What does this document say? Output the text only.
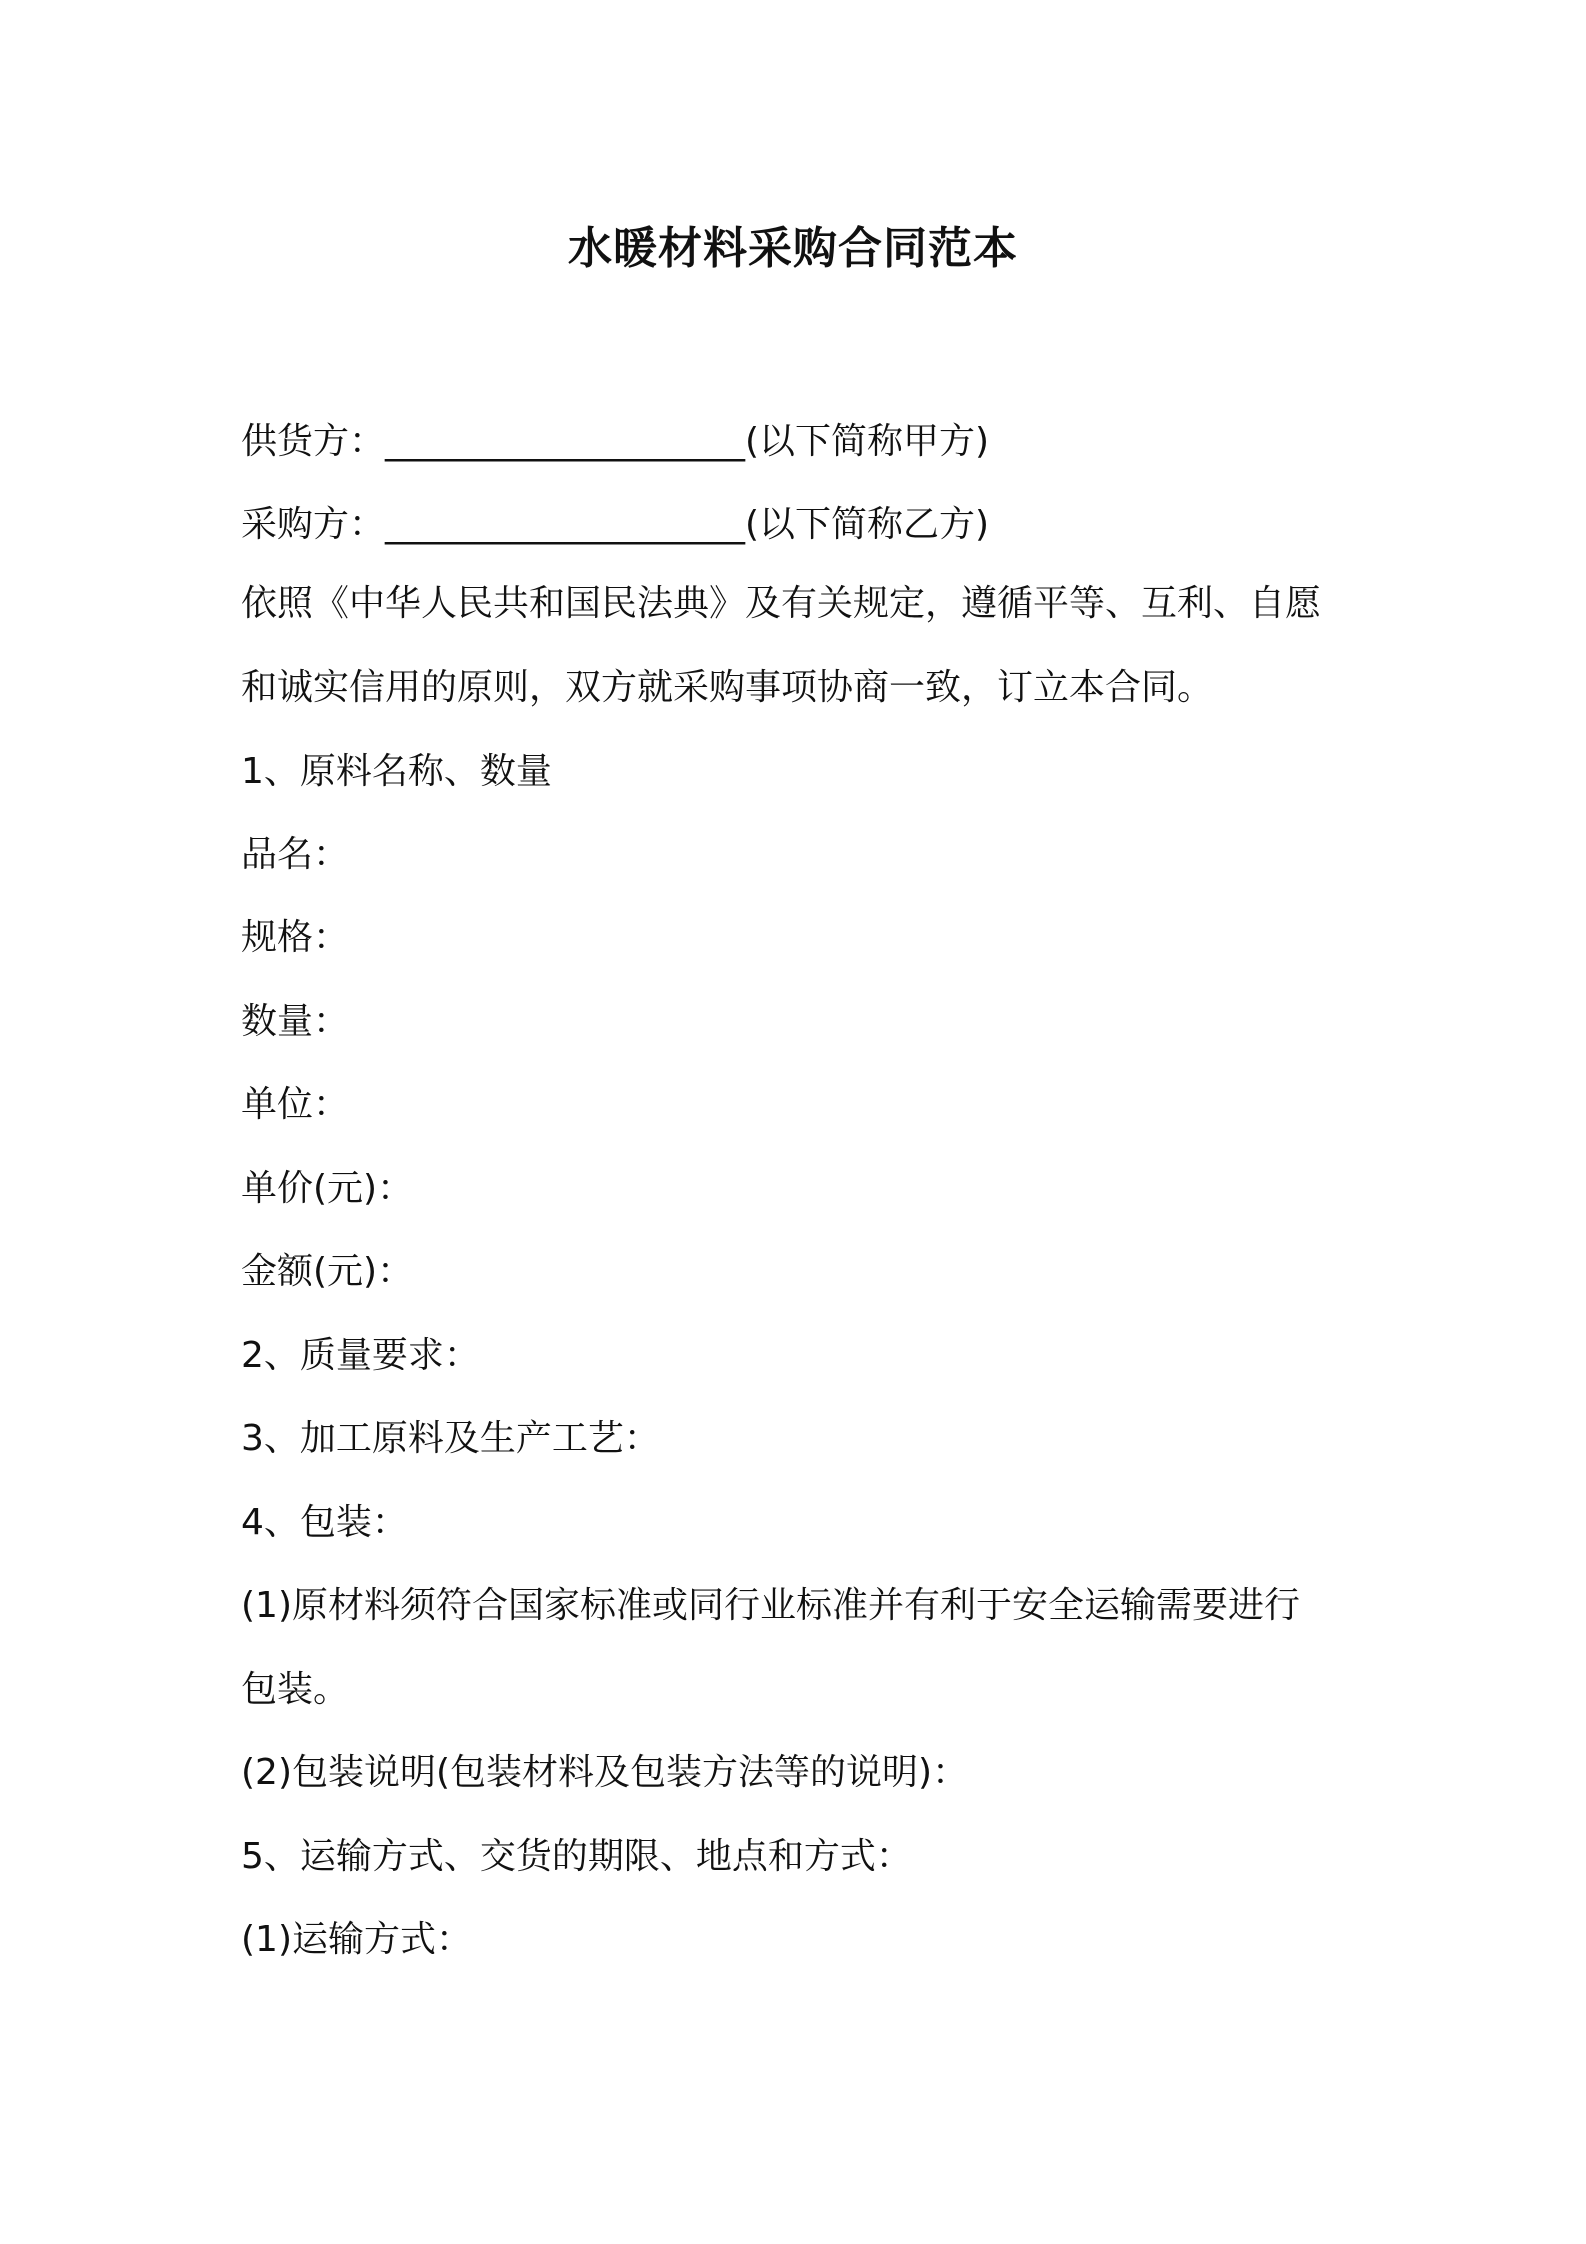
水暖材料采购合同范本
供货方：____________________(以下简称甲方)
采购方：____________________(以下简称乙方)
依照《中华人民共和国民法典》及有关规定，遵循平等、互利、自愿
和诚实信用的原则，双方就采购事项协商一致，订立本合同。
1、原料名称、数量
品名：
规格：
数量：
单位：
单价(元)：
金额(元)：
2、质量要求：
3、加工原料及生产工艺：
4、包装：
(1)原材料须符合国家标准或同行业标准并有利于安全运输需要进行
包装。
(2)包装说明(包装材料及包装方法等的说明)：
5、运输方式、交货的期限、地点和方式：
(1)运输方式：
